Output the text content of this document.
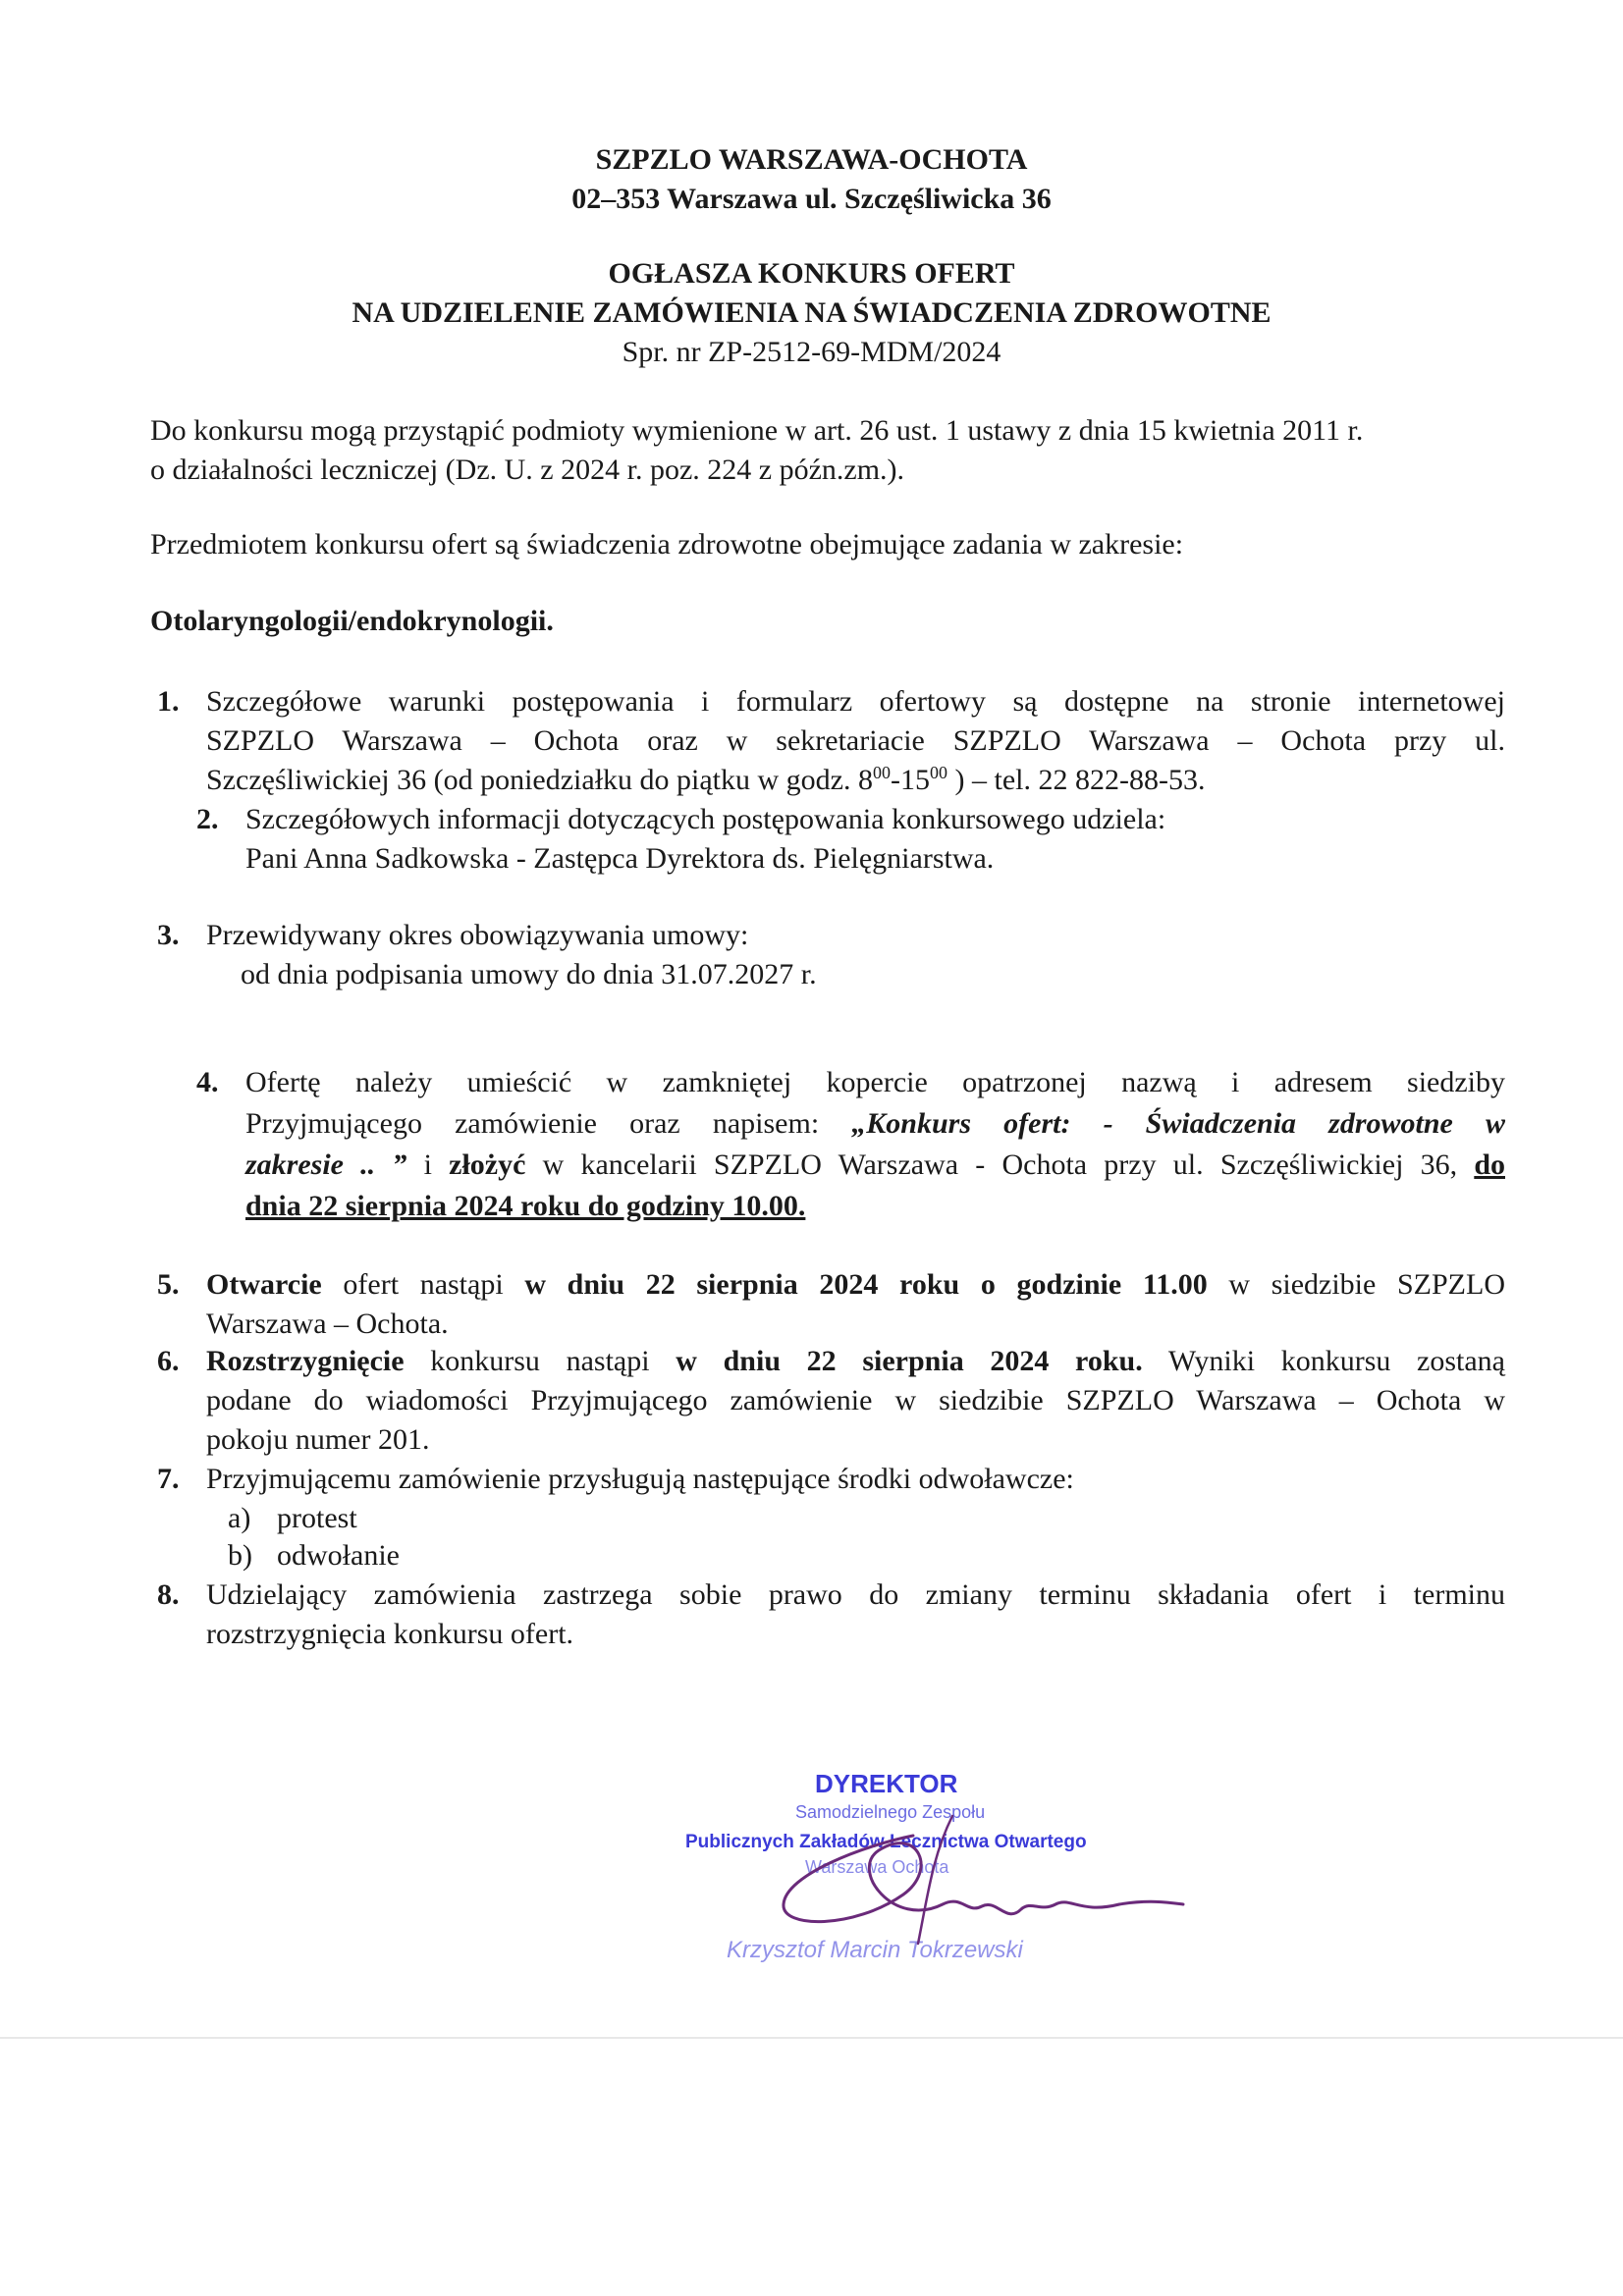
SZPZLO WARSZAWA-OCHOTA
02–353 Warszawa ul. Szczęśliwicka 36
OGŁASZA KONKURS OFERT
NA UDZIELENIE ZAMÓWIENIA NA ŚWIADCZENIA ZDROWOTNE
Spr. nr ZP-2512-69-MDM/2024
Do konkursu mogą przystąpić podmioty wymienione w art. 26 ust. 1 ustawy z dnia 15 kwietnia 2011 r.
o działalności leczniczej (Dz. U. z 2024 r. poz. 224 z późn.zm.).
Przedmiotem konkursu ofert są świadczenia zdrowotne obejmujące zadania w zakresie:
Otolaryngologii/endokrynologii.
1. Szczegółowe warunki postępowania i formularz ofertowy są dostępne na stronie internetowej
SZPZLO Warszawa – Ochota oraz w sekretariacie SZPZLO Warszawa – Ochota przy ul.
Szczęśliwickiej 36 (od poniedziałku do piątku w godz. $8^{00}-15^{00}$ ) – tel. 22 822-88-53.
2. Szczegółowych informacji dotyczących postępowania konkursowego udziela:
Pani Anna Sadkowska - Zastępca Dyrektora ds. Pielęgniarstwa.
3. Przewidywany okres obowiązywania umowy:
od dnia podpisania umowy do dnia 31.07.2027 r.
4. Ofertę należy umieścić w zamkniętej kopercie opatrzonej nazwą i adresem siedziby
Przyjmującego zamówienie oraz napisem: „Konkurs ofert: - Świadczenia zdrowotne w
zakresie .. ” i złożyć w kancelarii SZPZLO Warszawa - Ochota przy ul. Szczęśliwickiej 36, do
dnia 22 sierpnia 2024 roku do godziny 10.00.
5. Otwarcie ofert nastąpi w dniu 22 sierpnia 2024 roku o godzinie 11.00 w siedzibie SZPZLO
Warszawa – Ochota.
6. Rozstrzygnięcie konkursu nastąpi w dniu 22 sierpnia 2024 roku. Wyniki konkursu zostaną
podane do wiadomości Przyjmującego zamówienie w siedzibie SZPZLO Warszawa – Ochota w
pokoju numer 201.
7. Przyjmującemu zamówienie przysługują następujące środki odwoławcze:
a) protest
b) odwołanie
8. Udzielający zamówienia zastrzega sobie prawo do zmiany terminu składania ofert i terminu
rozstrzygnięcia konkursu ofert.
DYREKTOR
Samodzielnego Zespołu
Publicznych Zakładów Lecznictwa Otwartego
Warszawa Ochota
Krzysztof Marcin Tokrzewski
